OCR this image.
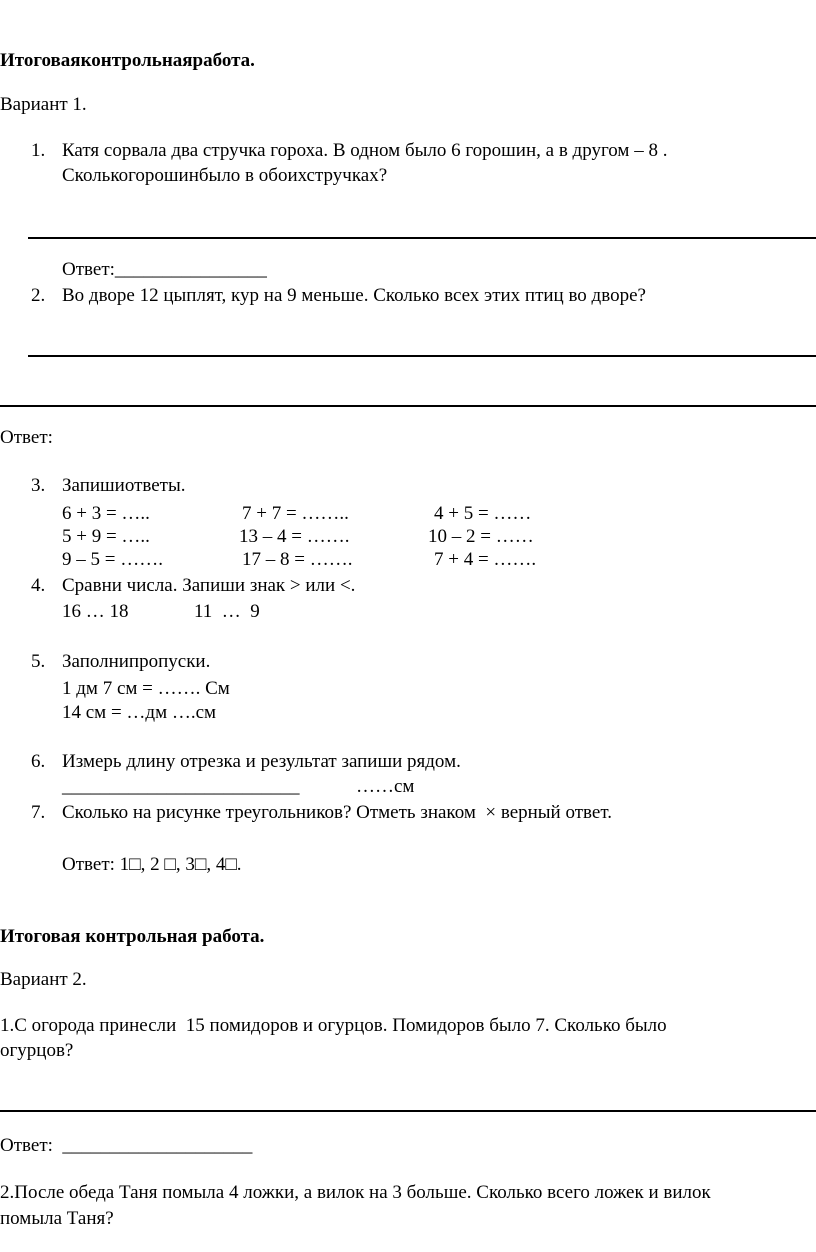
Итоговаяконтрольнаяработа.
Вариант 1.
1. Катя сорвала два стручка гороха. В одном было 6 горошин, а в другом – 8 .
Сколькогорошинбыло в обоихстручках?
Ответ:________________
2. Во дворе 12 цыплят, кур на 9 меньше. Сколько всех этих птиц во дворе?
Ответ:
3. Запишиответы.
6 + 3 = …..	7 + 7 = ……..	4 + 5 = ……
5 + 9 = …..	13 – 4 = …….	10 – 2 = ……
9 – 5 = …….	17 – 8 = …….	7 + 4 = …….
4. Сравни числа. Запиши знак > или <.
16 … 18	11  …  9
5. Заполнипропуски.
1 дм 7 см = ……. См
14 см = …дм ….см
6. Измерь длину отрезка и результат запиши рядом.
_________________________	……см
7. Сколько на рисунке треугольников? Отметь знаком  × верный ответ.
Ответ: 1□, 2 □, 3□, 4□.
Итоговая контрольная работа.
Вариант 2.
1.С огорода принесли  15 помидоров и огурцов. Помидоров было 7. Сколько было
огурцов?
Ответ:  ____________________
2.После обеда Таня помыла 4 ложки, а вилок на 3 больше. Сколько всего ложек и вилок
помыла Таня?
